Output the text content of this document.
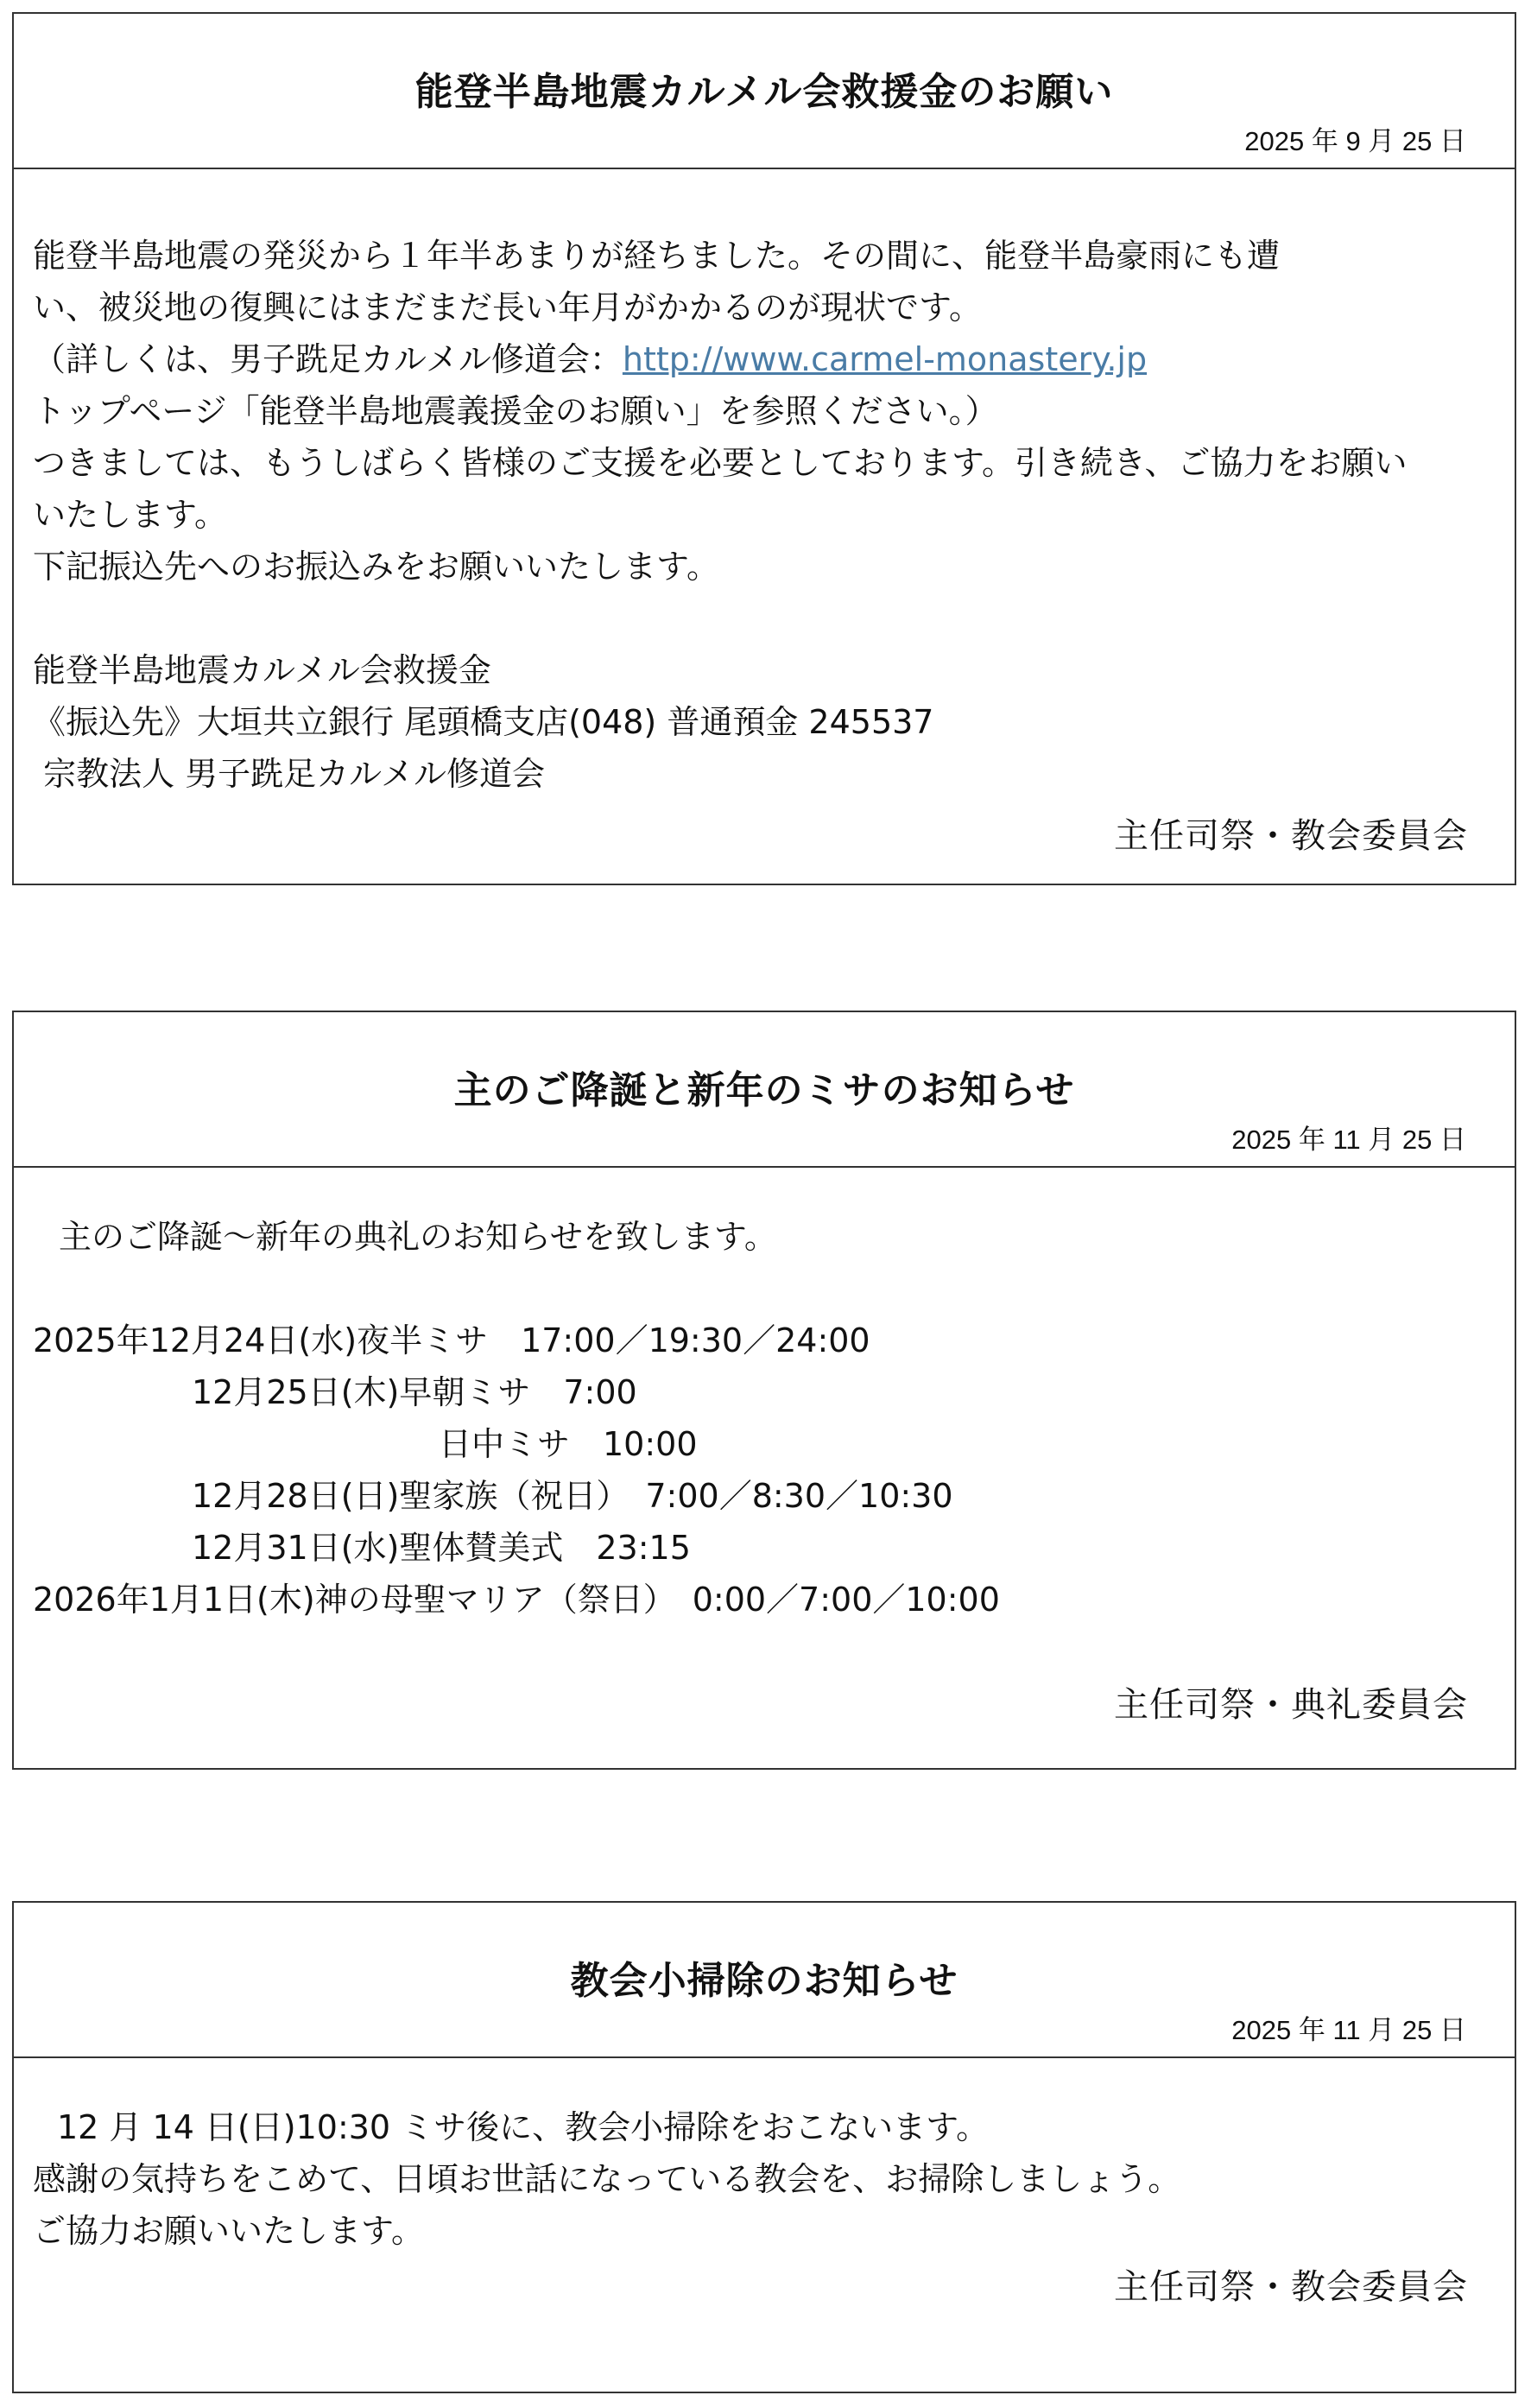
能登半島地震カルメル会救援金のお願い
2025 年 9 月 25 日

能登半島地震の発災から１年半あまりが経ちました。その間に、能登半島豪雨にも遭

い、被災地の復興にはまだまだ長い年月がかかるのが現状です。

（詳しくは、男子跣足カルメル修道会：http://www.carmel-monastery.jp

トップページ「能登半島地震義援金のお願い」を参照ください。）

つきましては、もうしばらく皆様のご支援を必要としております。引き続き、ご協力をお願い

いたします。

下記振込先へのお振込みをお願いいたします。

能登半島地震カルメル会救援金

《振込先》大垣共立銀行 尾頭橋支店(048) 普通預金 245537

宗教法人 男子跣足カルメル修道会

主任司祭・教会委員会
主のご降誕と新年のミサのお知らせ
2025 年 11 月 25 日

主のご降誕～新年の典礼のお知らせを致します。

2025年12月24日(水)夜半ミサ　17:00／19:30／24:00

12月25日(木)早朝ミサ　7:00

日中ミサ　10:00

12月28日(日)聖家族（祝日）　7:00／8:30／10:30

12月31日(水)聖体賛美式　23:15

2026年1月1日(木)神の母聖マリア（祭日）　0:00／7:00／10:00

主任司祭・典礼委員会
教会小掃除のお知らせ
2025 年 11 月 25 日

12 月 14 日(日)10:30 ミサ後に、教会小掃除をおこないます。

感謝の気持ちをこめて、日頃お世話になっている教会を、お掃除しましょう。

ご協力お願いいたします。

主任司祭・教会委員会
